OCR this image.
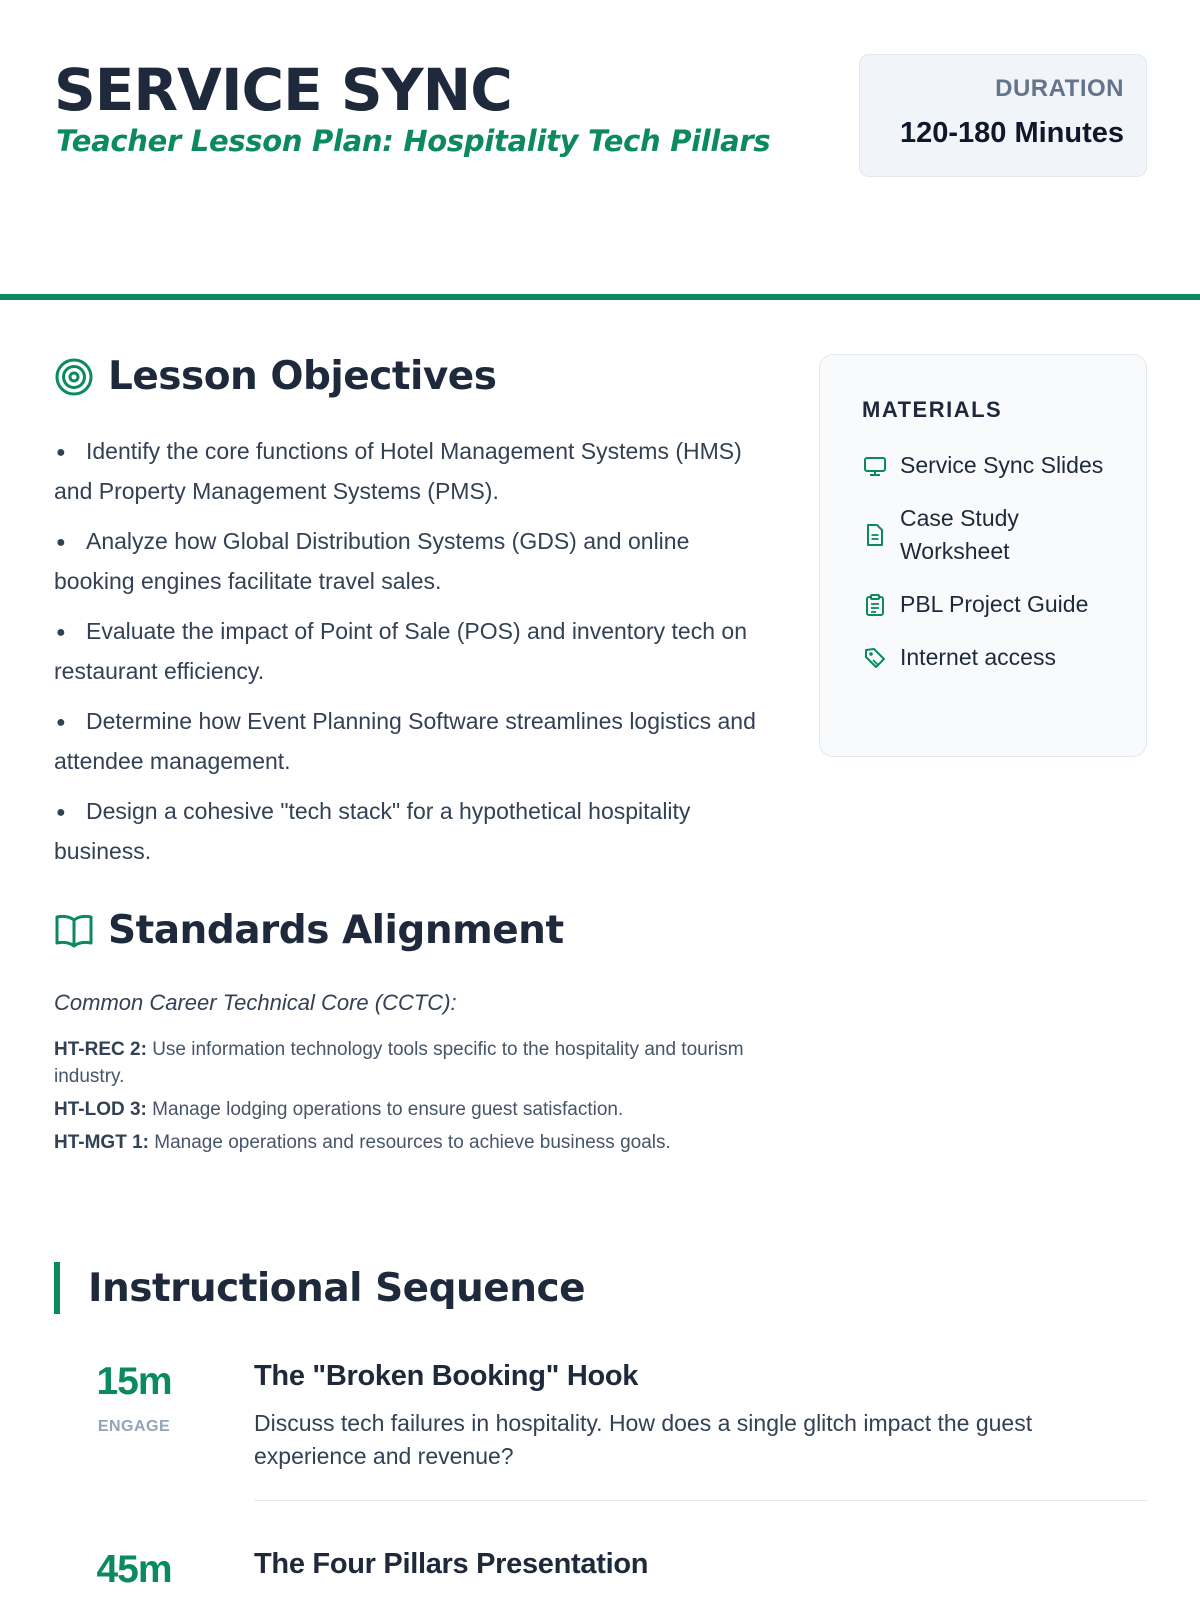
SERVICE SYNC
Teacher Lesson Plan: Hospitality Tech Pillars
DURATION
120-180 Minutes
Lesson Objectives
● Identify the core functions of Hotel Management Systems (HMS) and Property Management Systems (PMS).
● Analyze how Global Distribution Systems (GDS) and online booking engines facilitate travel sales.
● Evaluate the impact of Point of Sale (POS) and inventory tech on restaurant efficiency.
● Determine how Event Planning Software streamlines logistics and attendee management.
● Design a cohesive "tech stack" for a hypothetical hospitality business.
MATERIALS
Service Sync Slides
Case Study Worksheet
PBL Project Guide
Internet access
Standards Alignment
Common Career Technical Core (CCTC):
HT-REC 2: Use information technology tools specific to the hospitality and tourism industry.
HT-LOD 3: Manage lodging operations to ensure guest satisfaction.
HT-MGT 1: Manage operations and resources to achieve business goals.
Instructional Sequence
15m
ENGAGE
The "Broken Booking" Hook
Discuss tech failures in hospitality. How does a single glitch impact the guest experience and revenue?
45m	The Four Pillars Presentation
